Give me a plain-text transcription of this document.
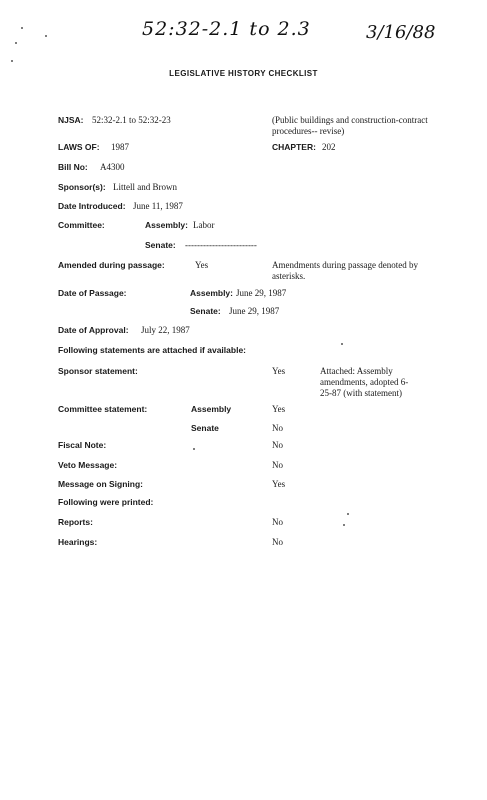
52:32-2.1 to 2.3	3/16/88
LEGISLATIVE HISTORY CHECKLIST
NJSA: 52:32-2.1 to 52:32-23	(Public buildings and construction-contract procedures-- revise)
LAWS OF: 1987	CHAPTER: 202
Bill No: A4300
Sponsor(s): Littell and Brown
Date Introduced: June 11, 1987
Committee:	Assembly: Labor
Senate: ------------------------
Amended during passage:	Yes	Amendments during passage denoted by asterisks.
Date of Passage:	Assembly: June 29, 1987
Senate: June 29, 1987
Date of Approval: July 22, 1987
Following statements are attached if available:
Sponsor statement:	Yes	Attached: Assembly amendments, adopted 6-25-87 (with statement)
Committee statement:	Assembly	Yes
Senate	No
Fiscal Note:	No
Veto Message:	No
Message on Signing:	Yes
Following were printed:
Reports:	No
Hearings:	No
